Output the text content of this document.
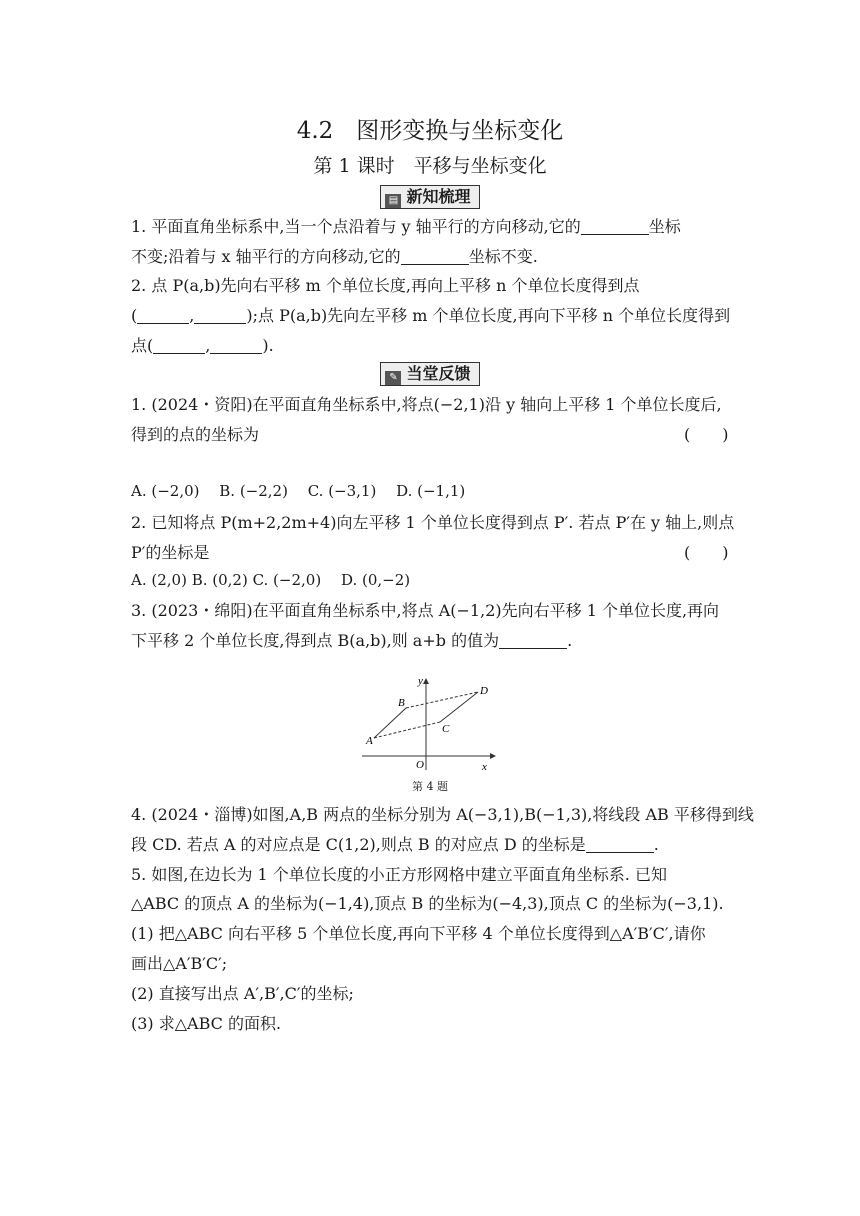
4.2　图形变换与坐标变化
第 1 课时　平移与坐标变化
▤ 新知梳理
1. 平面直角坐标系中,当一个点沿着与 y 轴平行的方向移动,它的	坐标
不变;沿着与 x 轴平行的方向移动,它的	坐标不变.
2. 点 P(a,b)先向右平移 m 个单位长度,再向上平移 n 个单位长度得到点
(	,	);点 P(a,b)先向左平移 m 个单位长度,再向下平移 n 个单位长度得到
点(	,	).
✎ 当堂反馈
1. (2024・资阳)在平面直角坐标系中,将点(−2,1)沿 y 轴向上平移 1 个单位长度后,
得到的点的坐标为	(　　)
A. (−2,0)　 B. (−2,2)　 C. (−3,1)　 D. (−1,1)
2. 已知将点 P(m+2,2m+4)向左平移 1 个单位长度得到点 P′. 若点 P′在 y 轴上,则点
P′的坐标是	(　　)
A. (2,0) B. (0,2) C. (−2,0)　 D. (0,−2)
3. (2023・绵阳)在平面直角坐标系中,将点 A(−1,2)先向右平移 1 个单位长度,再向
下平移 2 个单位长度,得到点 B(a,b),则 a+b 的值为	.
A
B
C
D
O	x
y
第 4 题
4. (2024・淄博)如图,A,B 两点的坐标分别为 A(−3,1),B(−1,3),将线段 AB 平移得到线
段 CD. 若点 A 的对应点是 C(1,2),则点 B 的对应点 D 的坐标是	.
5. 如图,在边长为 1 个单位长度的小正方形网格中建立平面直角坐标系. 已知
△ABC 的顶点 A 的坐标为(−1,4),顶点 B 的坐标为(−4,3),顶点 C 的坐标为(−3,1).
(1) 把△ABC 向右平移 5 个单位长度,再向下平移 4 个单位长度得到△A′B′C′,请你
画出△A′B′C′;
(2) 直接写出点 A′,B′,C′的坐标;
(3) 求△ABC 的面积.
